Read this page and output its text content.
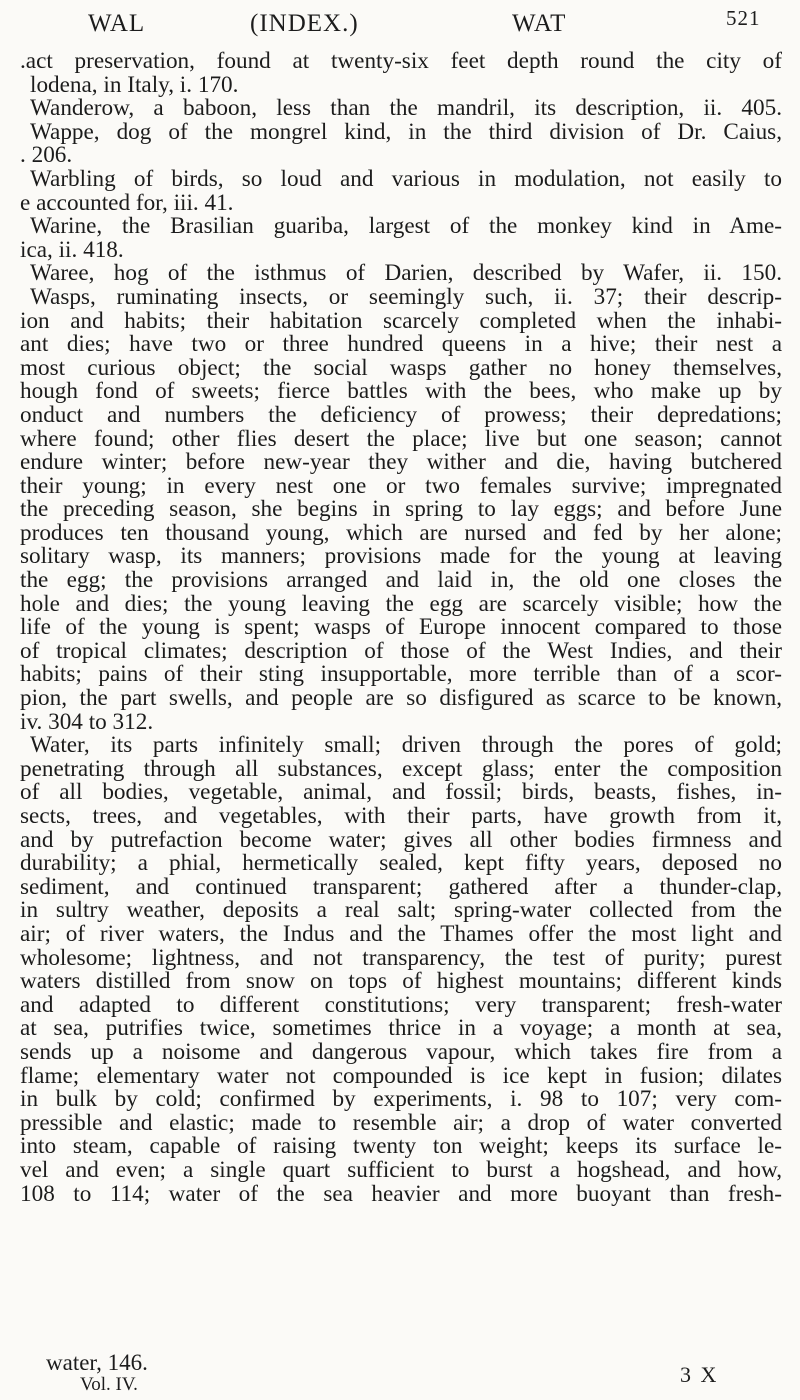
WAL	(INDEX.)	WAT	521
.act preservation, found at twenty-six feet depth round the city of
lodena, in Italy, i. 170.
Wanderow, a baboon, less than the mandril, its description, ii. 405.
Wappe, dog of the mongrel kind, in the third division of Dr. Caius,
. 206.
Warbling of birds, so loud and various in modulation, not easily to
e accounted for, iii. 41.
Warine, the Brasilian guariba, largest of the monkey kind in Ame-
ica, ii. 418.
Waree, hog of the isthmus of Darien, described by Wafer, ii. 150.
Wasps, ruminating insects, or seemingly such, ii. 37; their descrip-
ion and habits; their habitation scarcely completed when the inhabi-
ant dies; have two or three hundred queens in a hive; their nest a
most curious object; the social wasps gather no honey themselves,
hough fond of sweets; fierce battles with the bees, who make up by
onduct and numbers the deficiency of prowess; their depredations;
where found; other flies desert the place; live but one season; cannot
endure winter; before new-year they wither and die, having butchered
their young; in every nest one or two females survive; impregnated
the preceding season, she begins in spring to lay eggs; and before June
produces ten thousand young, which are nursed and fed by her alone;
solitary wasp, its manners; provisions made for the young at leaving
the egg; the provisions arranged and laid in, the old one closes the
hole and dies; the young leaving the egg are scarcely visible; how the
life of the young is spent; wasps of Europe innocent compared to those
of tropical climates; description of those of the West Indies, and their
habits; pains of their sting insupportable, more terrible than of a scor-
pion, the part swells, and people are so disfigured as scarce to be known,
iv. 304 to 312.
Water, its parts infinitely small; driven through the pores of gold;
penetrating through all substances, except glass; enter the composition
of all bodies, vegetable, animal, and fossil; birds, beasts, fishes, in-
sects, trees, and vegetables, with their parts, have growth from it,
and by putrefaction become water; gives all other bodies firmness and
durability; a phial, hermetically sealed, kept fifty years, deposed no
sediment, and continued transparent; gathered after a thunder-clap,
in sultry weather, deposits a real salt; spring-water collected from the
air; of river waters, the Indus and the Thames offer the most light and
wholesome; lightness, and not transparency, the test of purity; purest
waters distilled from snow on tops of highest mountains; different kinds
and adapted to different constitutions; very transparent; fresh-water
at sea, putrifies twice, sometimes thrice in a voyage; a month at sea,
sends up a noisome and dangerous vapour, which takes fire from a
flame; elementary water not compounded is ice kept in fusion; dilates
in bulk by cold; confirmed by experiments, i. 98 to 107; very com-
pressible and elastic; made to resemble air; a drop of water converted
into steam, capable of raising twenty ton weight; keeps its surface le-
vel and even; a single quart sufficient to burst a hogshead, and how,
108 to 114; water of the sea heavier and more buoyant than fresh-
water, 146.
Vol. IV.	3 X
